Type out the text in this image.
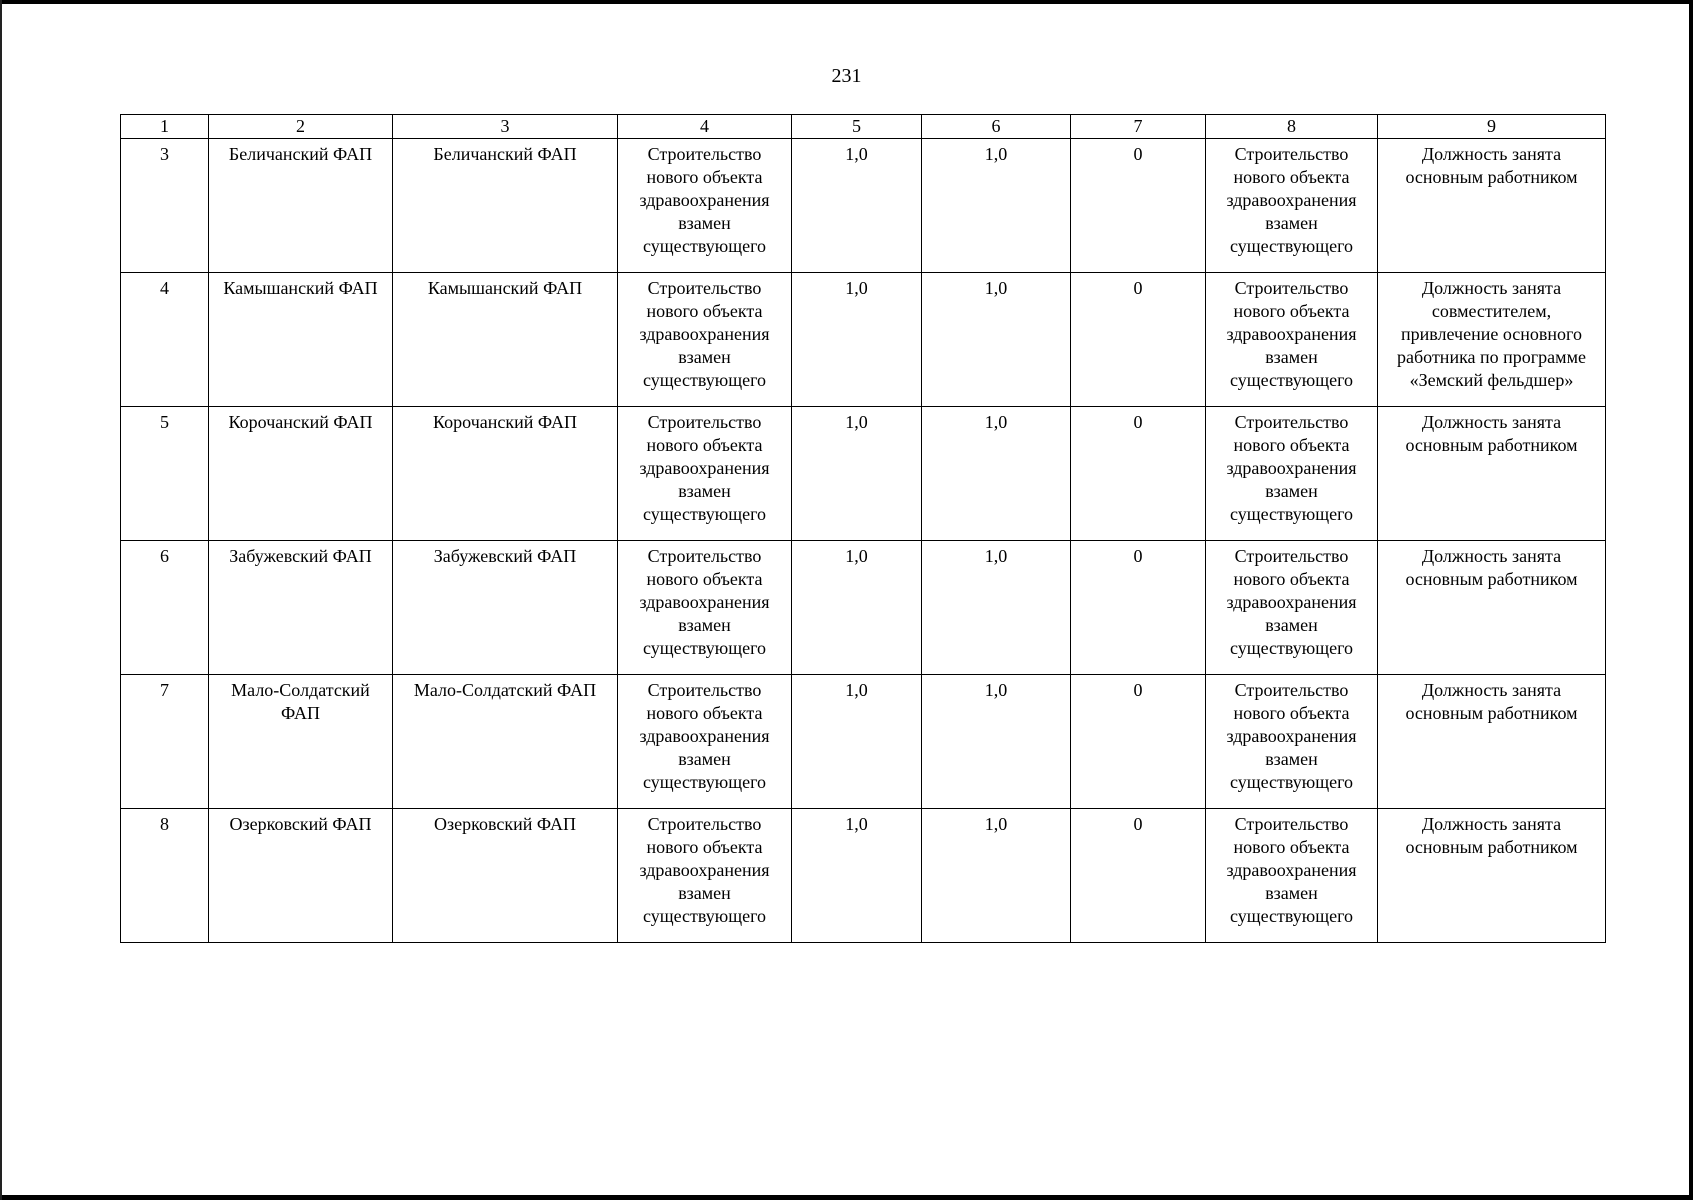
231
1	2	3	4	5	6	7	8	9
3	Беличанский ФАП	Беличанский ФАП	Строительство нового объекта здравоохранения взамен существующего	1,0	1,0	0	Строительство нового объекта здравоохранения взамен существующего	Должность занята основным работником
4	Камышанский ФАП	Камышанский ФАП	Строительство нового объекта здравоохранения взамен существующего	1,0	1,0	0	Строительство нового объекта здравоохранения взамен существующего	Должность занята совместителем, привлечение основного работника по программе «Земский фельдшер»
5	Корочанский ФАП	Корочанский ФАП	Строительство нового объекта здравоохранения взамен существующего	1,0	1,0	0	Строительство нового объекта здравоохранения взамен существующего	Должность занята основным работником
6	Забужевский ФАП	Забужевский ФАП	Строительство нового объекта здравоохранения взамен существующего	1,0	1,0	0	Строительство нового объекта здравоохранения взамен существующего	Должность занята основным работником
7	Мало-Солдатский ФАП	Мало-Солдатский ФАП	Строительство нового объекта здравоохранения взамен существующего	1,0	1,0	0	Строительство нового объекта здравоохранения взамен существующего	Должность занята основным работником
8	Озерковский ФАП	Озерковский ФАП	Строительство нового объекта здравоохранения взамен существующего	1,0	1,0	0	Строительство нового объекта здравоохранения взамен существующего	Должность занята основным работником
